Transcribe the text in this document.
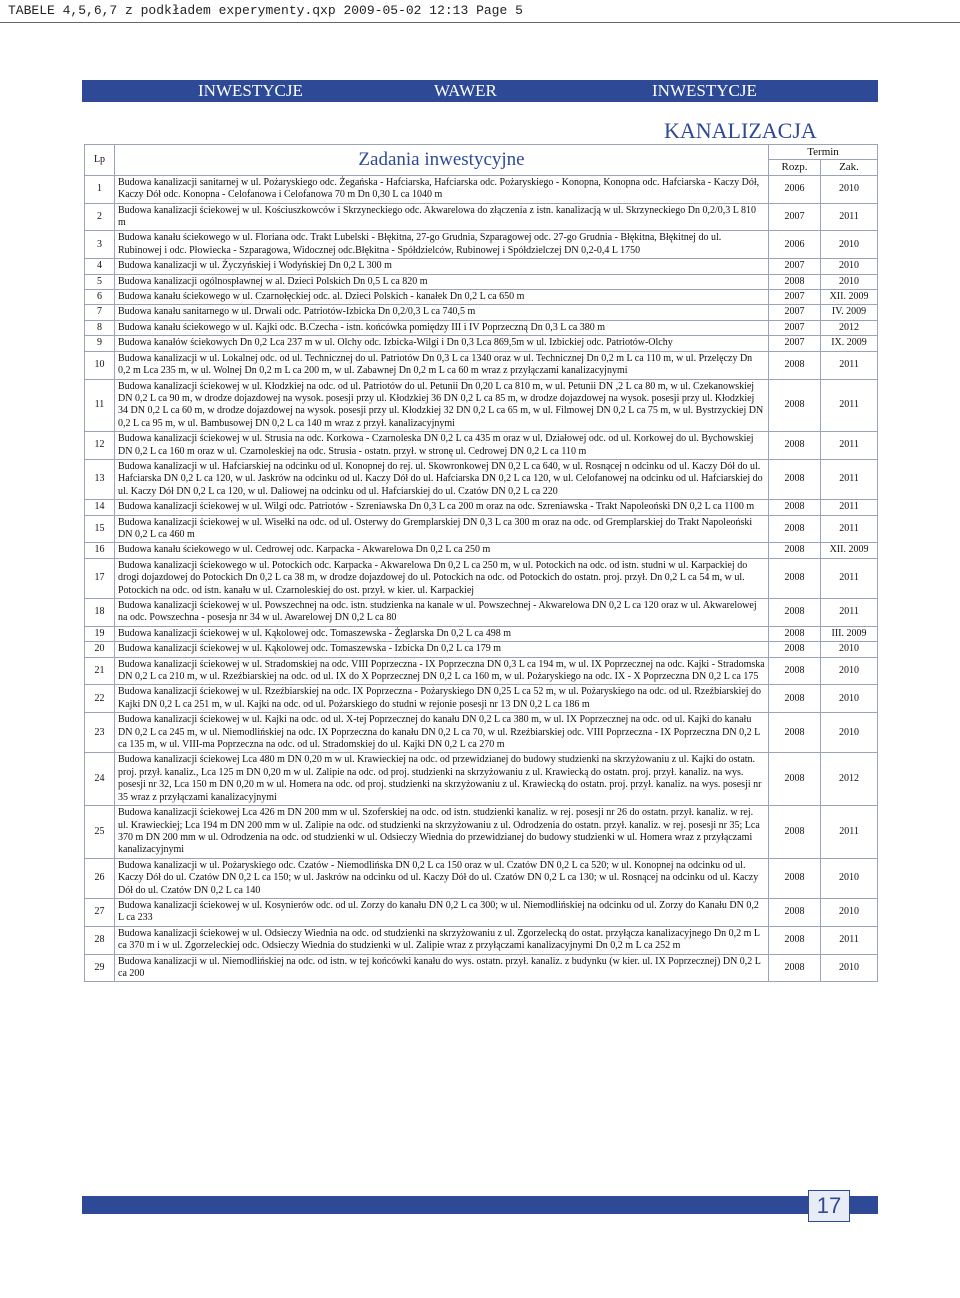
TABELE 4,5,6,7 z podkładem experymenty.qxp 2009-05-02 12:13 Page 5
INWESTYCJE	WAWER	INWESTYCJE
KANALIZACJA
Lp	Zadania inwestycyjne	Termin	
		Rozp.	Zak.
1	Budowa kanalizacji sanitarnej w ul. Pożaryskiego odc. Żegańska - Hafciarska, Hafciarska odc. Pożaryskiego - Konopna, Konopna odc. Hafciarska - Kaczy Dół, Kaczy Dół odc. Konopna - Celofanowa i Celofanowa 70 m Dn 0,30 L ca 1040 m	2006	2010
2	Budowa kanalizacji ściekowej w ul. Kościuszkowców i Skrzyneckiego odc. Akwarelowa do złączenia z istn. kanalizacją w ul. Skrzyneckiego Dn 0,2/0,3 L 810 m	2007	2011
3	Budowa kanału ściekowego w ul. Floriana odc. Trakt Lubelski - Błękitna, 27-go Grudnia, Szparagowej odc. 27-go Grudnia - Błękitna, Błękitnej do ul. Rubinowej i odc. Płowiecka - Szparagowa, Widocznej odc.Błękitna - Spółdzielców, Rubinowej i Spółdzielczej DN 0,2-0,4 L 1750	2006	2010
4	Budowa kanalizacji w ul. Życzyńskiej i Wodyńskiej Dn 0,2 L 300 m	2007	2010
5	Budowa kanalizacji ogólnospławnej w al. Dzieci Polskich Dn 0,5 L ca 820 m	2008	2010
6	Budowa kanału ściekowego w ul. Czarnołęckiej odc. al. Dzieci Polskich - kanałek Dn 0,2 L ca 650 m	2007	XII. 2009
7	Budowa kanału sanitarnego w ul. Drwali odc. Patriotów-Izbicka Dn 0,2/0,3 L ca 740,5 m	2007	IV. 2009
8	Budowa kanału ściekowego w ul. Kajki odc. B.Czecha - istn. końcówka pomiędzy III i IV Poprzeczną Dn 0,3 L ca 380 m	2007	2012
9	Budowa kanałów ściekowych Dn 0,2 Lca 237 m w ul. Olchy odc. Izbicka-Wilgi i Dn 0,3 Lca 869,5m w ul. Izbickiej odc. Patriotów-Olchy	2007	IX. 2009
10	Budowa kanalizacji w ul. Lokalnej odc. od ul. Technicznej do ul. Patriotów Dn 0,3 L ca 1340 oraz w ul. Technicznej Dn 0,2 m L ca 110 m, w ul. Przelęczy Dn 0,2 m Lca 235 m, w ul. Wolnej Dn 0,2 m L ca 200 m, w ul. Zabawnej Dn 0,2 m L ca 60 m wraz z przyłączami kanalizacyjnymi	2008	2011
11	Budowa kanalizacji ściekowej w ul. Kłodzkiej na odc. od ul. Patriotów do ul. Petunii Dn 0,20 L ca 810 m, w ul. Petunii DN ,2 L ca 80 m, w ul. Czekanowskiej DN 0,2 L ca 90 m, w drodze dojazdowej na wysok. posesji przy ul. Kłodzkiej 36 DN 0,2 L ca 85 m, w drodze dojazdowej na wysok. posesji przy ul. Kłodzkiej 34 DN 0,2 L ca 60 m, w drodze dojazdowej na wysok. posesji przy ul. Kłodzkiej 32 DN 0,2 L ca 65 m, w ul. Filmowej DN 0,2 L ca 75 m, w ul. Bystrzyckiej DN 0,2 L ca 95 m, w ul. Bambusowej DN 0,2 L ca 140 m wraz z przył. kanalizacyjnymi	2008	2011
12	Budowa kanalizacji ściekowej w ul. Strusia na odc. Korkowa - Czarnoleska DN 0,2 L ca 435 m oraz w ul. Działowej odc. od ul. Korkowej do ul. Bychowskiej DN 0,2 L ca 160 m oraz w ul. Czarnoleskiej na odc. Strusia - ostatn. przył. w stronę ul. Cedrowej DN 0,2 L ca 110 m	2008	2011
13	Budowa kanalizacji w ul. Hafciarskiej na odcinku od ul. Konopnej do rej. ul. Skowronkowej DN 0,2 L ca 640, w ul. Rosnącej n odcinku od ul. Kaczy Dół do ul. Hafciarska DN 0,2 L ca 120, w ul. Jaskrów na odcinku od ul. Kaczy Dół do ul. Hafciarska DN 0,2 L ca 120, w ul. Celofanowej na odcinku od ul. Hafciarskiej do ul. Kaczy Dół DN 0,2 L ca 120, w ul. Daliowej na odcinku od ul. Hafciarskiej do ul. Czatów DN 0,2 L ca 220	2008	2011
14	Budowa kanalizacji ściekowej w ul. Wilgi odc. Patriotów - Szreniawska Dn 0,3 L ca 200 m oraz na odc. Szreniawska - Trakt Napoleoński DN 0,2 L ca 1100 m	2008	2011
15	Budowa kanalizacji ściekowej w ul. Wisełki na odc. od ul. Osterwy do Gremplarskiej DN 0,3 L ca 300 m oraz na odc. od Gremplarskiej do Trakt Napoleoński DN 0,2 L ca 460 m	2008	2011
16	Budowa kanału ściekowego w ul. Cedrowej odc. Karpacka - Akwarelowa Dn 0,2 L ca 250 m	2008	XII. 2009
17	Budowa kanalizacji ściekowego w ul. Potockich odc. Karpacka - Akwarelowa Dn 0,2 L ca 250 m, w ul. Potockich na odc. od istn. studni w ul. Karpackiej do drogi dojazdowej do Potockich Dn 0,2 L ca 38 m, w drodze dojazdowej do ul. Potockich na odc. od Potockich do ostatn. proj. przył. Dn 0,2 L ca 54 m, w ul. Potockich na odc. od istn. kanału w ul. Czarnoleskiej do ost. przył. w kier. ul. Karpackiej	2008	2011
18	Budowa kanalizacji ściekowej w ul. Powszechnej na odc. istn. studzienka na kanale w ul. Powszechnej - Akwarelowa DN 0,2 L ca 120 oraz w ul. Akwarelowej na odc. Powszechna - posesja nr 34 w ul. Awarelowej DN 0,2 L ca 80	2008	2011
19	Budowa kanalizacji ściekowej w ul. Kąkolowej odc. Tomaszewska - Żeglarska Dn 0,2 L ca 498 m	2008	III. 2009
20	Budowa kanalizacji ściekowej w ul. Kąkolowej odc. Tomaszewska - Izbicka Dn 0,2 L ca 179 m	2008	2010
21	Budowa kanalizacji ściekowej w ul. Stradomskiej na odc. VIII Poprzeczna - IX Poprzeczna DN 0,3 L ca 194 m, w ul. IX Poprzecznej na odc. Kajki - Stradomska DN 0,2 L ca 210 m, w ul. Rzeźbiarskiej na odc. od ul. IX do X Poprzecznej DN 0,2 L ca 160 m, w ul. Pożaryskiego na odc. IX - X Poprzeczna DN 0,2 L ca 175	2008	2010
22	Budowa kanalizacji ściekowej w ul. Rzeźbiarskiej na odc. IX Poprzeczna - Pożaryskiego DN 0,25 L ca 52 m, w ul. Pożaryskiego na odc. od ul. Rzeźbiarskiej do Kajki DN 0,2 L ca 251 m, w ul. Kajki na odc. od ul. Pożarskiego do studni w rejonie posesji nr 13 DN 0,2 L ca 186 m	2008	2010
23	Budowa kanalizacji ściekowej w ul. Kajki na odc. od ul. X-tej Poprzecznej do kanału DN 0,2 L ca 380 m, w ul. IX Poprzecznej na odc. od ul. Kajki do kanału DN 0,2 L ca 245 m, w ul. Niemodlińskiej na odc. IX Poprzeczna do kanału DN 0,2 L ca 70, w ul. Rzeźbiarskiej odc. VIII Poprzeczna - IX Poprzeczna DN 0,2 L ca 135 m, w ul. VIII-ma Poprzeczna na odc. od ul. Stradomskiej do ul. Kajki DN 0,2 L ca 270 m	2008	2010
24	Budowa kanalizacji ściekowej Lca 480 m DN 0,20 m w ul. Krawieckiej na odc. od przewidzianej do budowy studzienki na skrzyżowaniu z ul. Kajki do ostatn. proj. przył. kanaliz., Lca 125 m DN 0,20 m w ul. Zalipie na odc. od proj. studzienki na skrzyżowaniu z ul. Krawiecką do ostatn. proj. przył. kanaliz. na wys. posesji nr 32, Lca 150 m DN 0,20 m w ul. Homera na odc. od proj. studzienki na skrzyżowaniu z ul. Krawiecką do ostatn. proj. przył. kanaliz. na wys. posesji nr 35 wraz z przyłączami kanalizacyjnymi	2008	2012
25	Budowa kanalizacji ściekowej Lca 426 m DN 200 mm w ul. Szoferskiej na odc. od istn. studzienki kanaliz. w rej. posesji nr 26 do ostatn. przył. kanaliz. w rej. ul. Krawieckiej; Lca 194 m DN 200 mm w ul. Zalipie na odc. od studzienki na skrzyżowaniu z ul. Odrodzenia do ostatn. przył. kanaliz. w rej. posesji nr 35; Lca 370 m DN 200 mm w ul. Odrodzenia na odc. od studzienki w ul. Odsieczy Wiednia do przewidzianej do budowy studzienki w ul. Homera wraz z przyłączami kanalizacyjnymi	2008	2011
26	Budowa kanalizacji w ul. Pożaryskiego odc. Czatów - Niemodlińska DN 0,2 L ca 150 oraz w ul. Czatów DN 0,2 L ca 520; w ul. Konopnej na odcinku od ul. Kaczy Dół do ul. Czatów DN 0,2 L ca 150; w ul. Jaskrów na odcinku od ul. Kaczy Dół do ul. Czatów DN 0,2 L ca 130; w ul. Rosnącej na odcinku od ul. Kaczy Dół do ul. Czatów DN 0,2 L ca 140	2008	2010
27	Budowa kanalizacji ściekowej w ul. Kosynierów odc. od ul. Zorzy do kanału DN 0,2 L ca 300; w ul. Niemodlińskiej na odcinku od ul. Zorzy do Kanału DN 0,2 L ca 233	2008	2010
28	Budowa kanalizacji ściekowej w ul. Odsieczy Wiednia na odc. od studzienki na skrzyżowaniu z ul. Zgorzelecką do ostat. przyłącza kanalizacyjnego Dn 0,2 m L ca 370 m i w ul. Zgorzeleckiej odc. Odsieczy Wiednia do studzienki w ul. Zalipie wraz z przyłączami kanalizacyjnymi Dn 0,2 m L ca 252 m	2008	2011
29	Budowa kanalizacji w ul. Niemodlińskiej na odc. od istn. w tej końcówki kanału do wys. ostatn. przył. kanaliz. z budynku (w kier. ul. IX Poprzecznej) DN 0,2 L ca 200	2008	2010
17
